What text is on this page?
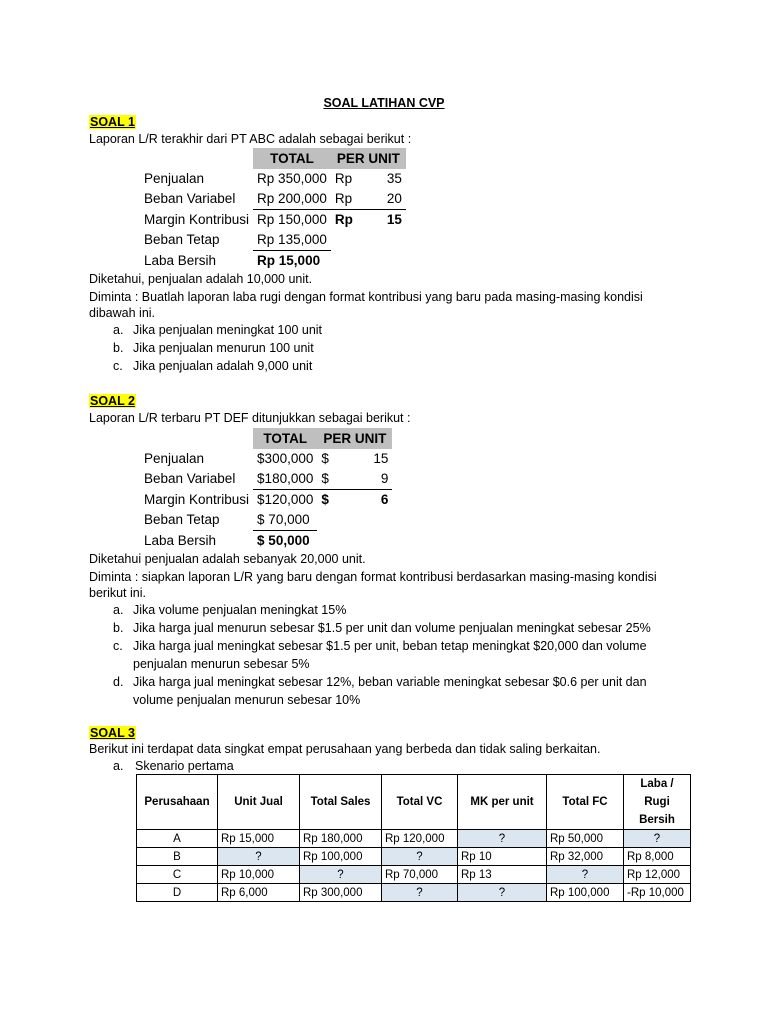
SOAL LATIHAN CVP
SOAL 1
Laporan L/R terakhir dari PT ABC adalah sebagai berikut :
	TOTAL	PER UNIT	
Penjualan	Rp 350,000	Rp	35
Beban Variabel	Rp 200,000	Rp	20
Margin Kontribusi	Rp 150,000	Rp	15
Beban Tetap	Rp 135,000		
Laba Bersih	Rp 15,000		
Diketahui, penjualan adalah 10,000 unit.
Diminta : Buatlah laporan laba rugi dengan format kontribusi yang baru pada masing-masing kondisi
dibawah ini.
a. Jika penjualan meningkat 100 unit
b. Jika penjualan menurun 100 unit
c. Jika penjualan adalah 9,000 unit
SOAL 2
Laporan L/R terbaru PT DEF ditunjukkan sebagai berikut :
	TOTAL	PER UNIT	
Penjualan	$300,000	$	15
Beban Variabel	$180,000	$	9
Margin Kontribusi	$120,000	$	6
Beban Tetap	$ 70,000		
Laba Bersih	$ 50,000		
Diketahui penjualan adalah sebanyak 20,000 unit.
Diminta : siapkan laporan L/R yang baru dengan format kontribusi berdasarkan masing-masing kondisi
berikut ini.
a. Jika volume penjualan meningkat 15%
b. Jika harga jual menurun sebesar $1.5 per unit dan volume penjualan meningkat sebesar 25%
c. Jika harga jual meningkat sebesar $1.5 per unit, beban tetap meningkat $20,000 dan volume
penjualan menurun sebesar 5%
d. Jika harga jual meningkat sebesar 12%, beban variable meningkat sebesar $0.6 per unit dan
volume penjualan menurun sebesar 10%
SOAL 3
Berikut ini terdapat data singkat empat perusahaan yang berbeda dan tidak saling berkaitan.
a. Skenario pertama
Perusahaan	Unit Jual	Total Sales	Total VC	MK per unit	Total FC	Laba /
Rugi
Bersih

A	Rp 15,000	Rp 180,000	Rp 120,000	?	Rp 50,000	?
B	?	Rp 100,000	?	Rp 10	Rp 32,000	Rp 8,000
C	Rp 10,000	?	Rp 70,000	Rp 13	?	Rp 12,000
D	Rp 6,000	Rp 300,000	?	?	Rp 100,000	-Rp 10,000
